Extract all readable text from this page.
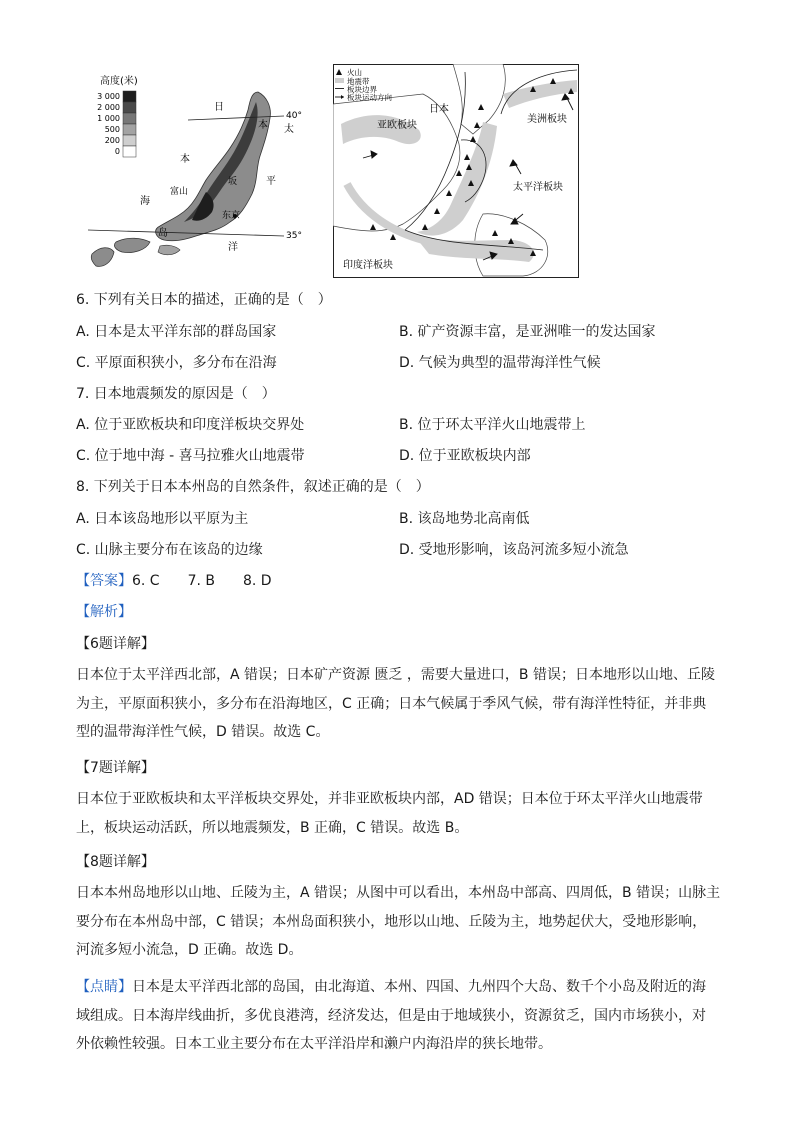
高度(米)
3 000
2 000
1 000
500
200
0
40°
35°
日
本 太
本
平
海
富山
坂
东京
岛
洋
火山
地震带
板块边界
板块运动方向
日本
亚欧板块
美洲板块
太平洋板块
印度洋板块
6. 下列有关日本的描述，正确的是（　）
A. 日本是太平洋东部的群岛国家	B. 矿产资源丰富，是亚洲唯一的发达国家
C. 平原面积狭小，多分布在沿海	D. 气候为典型的温带海洋性气候
7. 日本地震频发的原因是（　）
A. 位于亚欧板块和印度洋板块交界处	B. 位于环太平洋火山地震带上
C. 位于地中海 - 喜马拉雅火山地震带	D. 位于亚欧板块内部
8. 下列关于日本本州岛的自然条件，叙述正确的是（　）
A. 日本该岛地形以平原为主	B. 该岛地势北高南低
C. 山脉主要分布在该岛的边缘	D. 受地形影响，该岛河流多短小流急
【答案】6. C　　7. B　　8. D
【解析】
【6题详解】
日本位于太平洋西北部，A 错误；日本矿产资源 匮乏 ，需要大量进口，B 错误；日本地形以山地、丘陵
为主，平原面积狭小，多分布在沿海地区，C 正确；日本气候属于季风气候，带有海洋性特征，并非典
型的温带海洋性气候，D 错误。故选 C。
【7题详解】
日本位于亚欧板块和太平洋板块交界处，并非亚欧板块内部，AD 错误；日本位于环太平洋火山地震带
上，板块运动活跃，所以地震频发，B 正确，C 错误。故选 B。
【8题详解】
日本本州岛地形以山地、丘陵为主，A 错误；从图中可以看出，本州岛中部高、四周低，B 错误；山脉主
要分布在本州岛中部，C 错误；本州岛面积狭小，地形以山地、丘陵为主，地势起伏大，受地形影响，
河流多短小流急，D 正确。故选 D。
【点睛】日本是太平洋西北部的岛国，由北海道、本州、四国、九州四个大岛、数千个小岛及附近的海
域组成。日本海岸线曲折，多优良港湾，经济发达，但是由于地域狭小，资源贫乏，国内市场狭小，对
外依赖性较强。日本工业主要分布在太平洋沿岸和濑户内海沿岸的狭长地带。
